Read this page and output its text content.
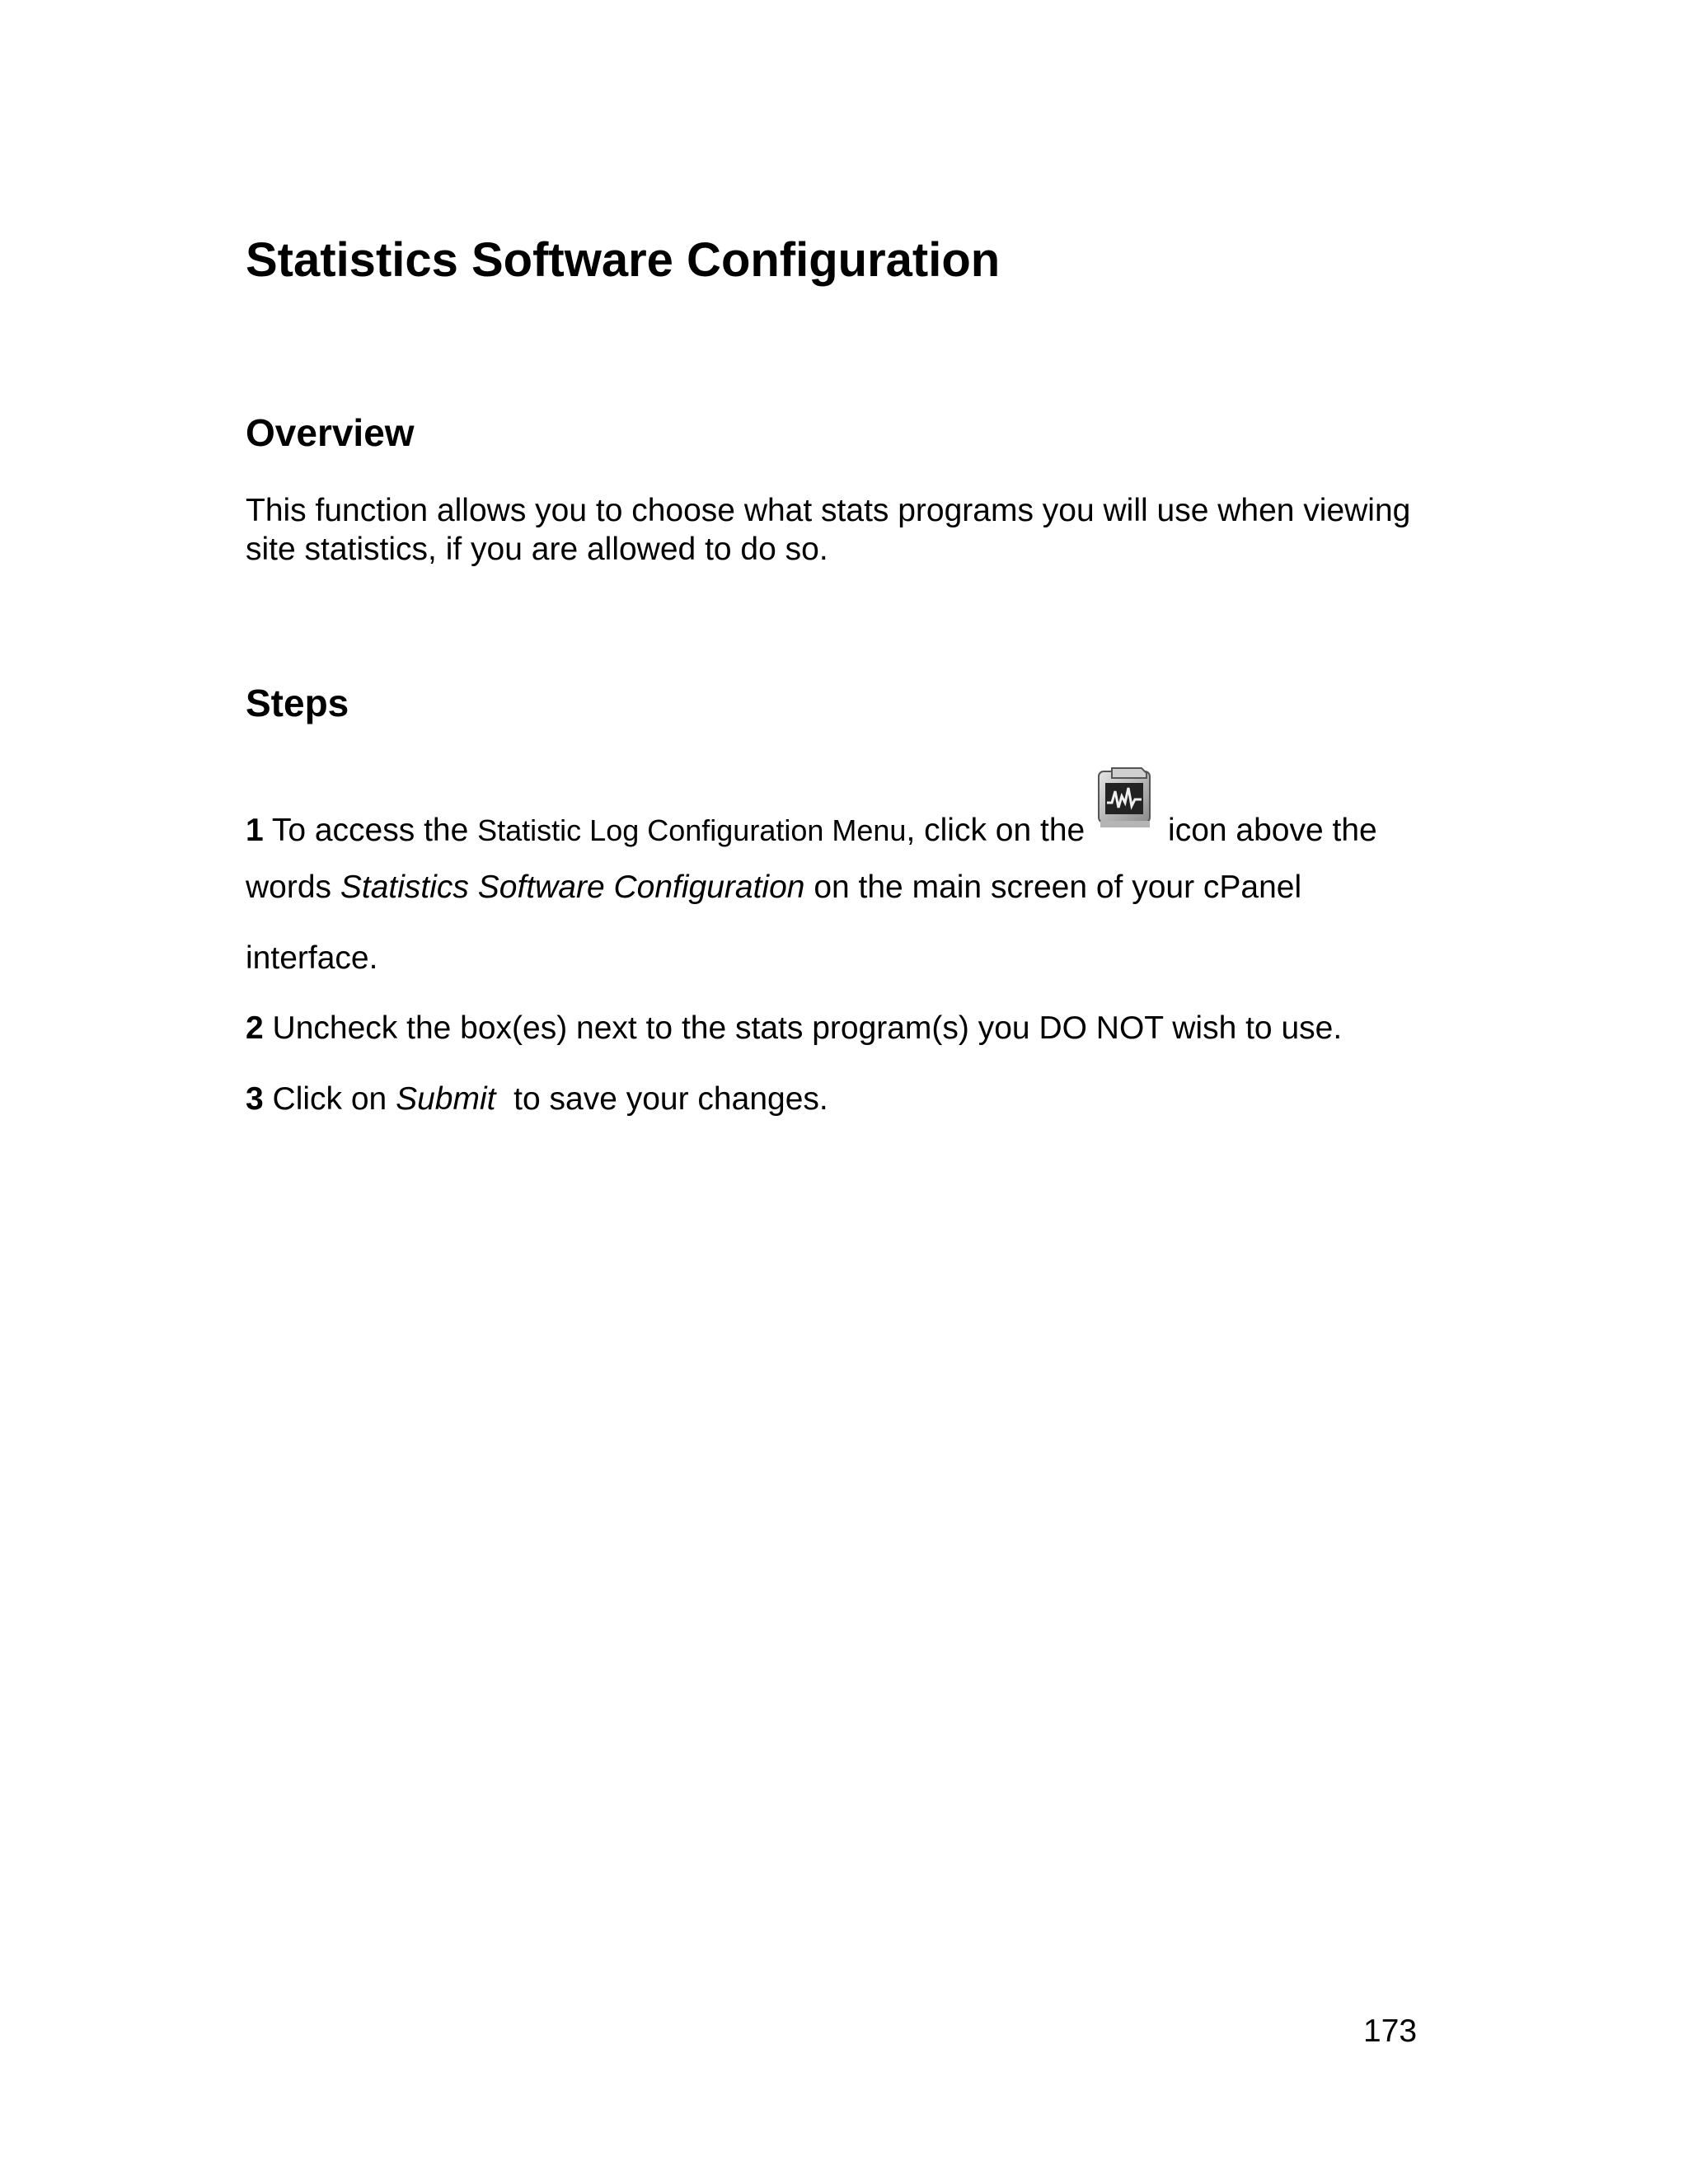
Statistics Software Configuration
Overview

This function allows you to choose what stats programs you will use when viewing site statistics, if you are allowed to do so.

Steps

1 To access the Statistic Log Configuration Menu, click on the icon above the

words Statistics Software Configuration on the main screen of your cPanel

interface.

2 Uncheck the box(es) next to the stats program(s) you DO NOT wish to use.

3 Click on Submit  to save your changes.

173
